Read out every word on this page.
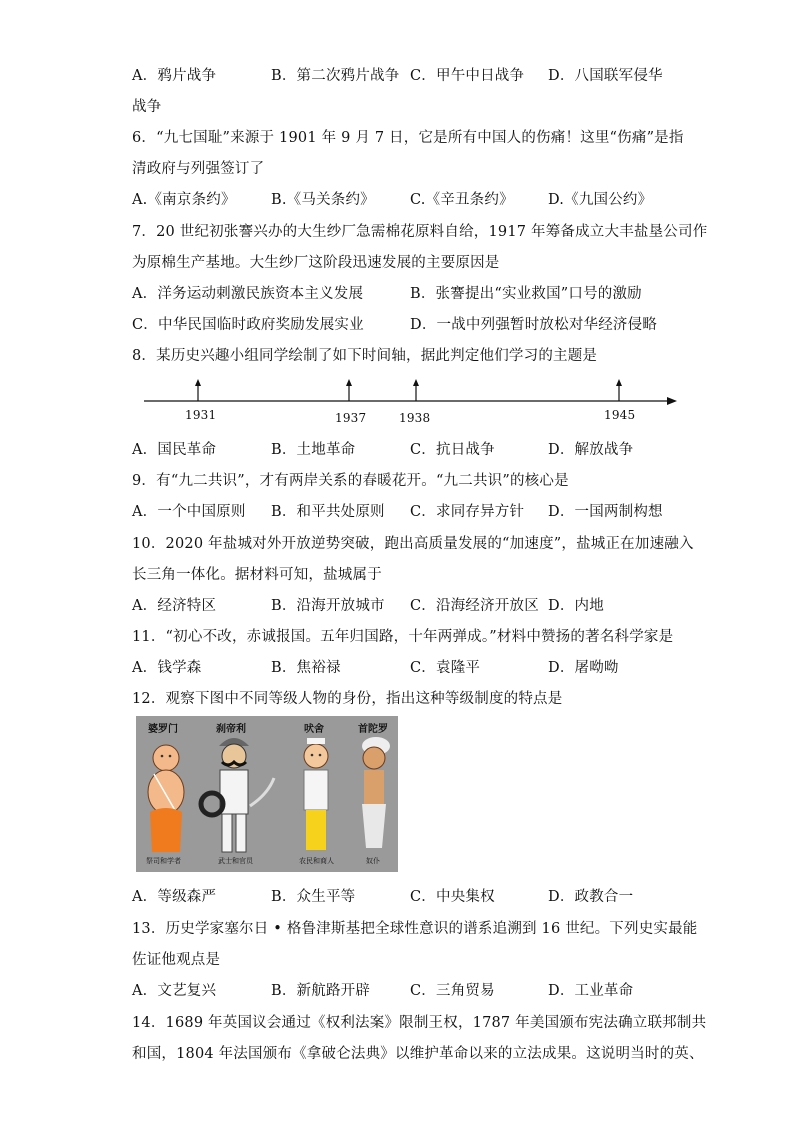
A．鸦片战争	B．第二次鸦片战争 C．甲午中日战争 D．八国联军侵华
战争
6．“九七国耻”来源于 1901 年 9 月 7 日，它是所有中国人的伤痛！这里“伤痛”是指
清政府与列强签订了
A.《南京条约》 B.《马关条约》 C.《辛丑条约》 D.《九国公约》
7．20 世纪初张謇兴办的大生纱厂急需棉花原料自给，1917 年筹备成立大丰盐垦公司作
为原棉生产基地。大生纱厂这阶段迅速发展的主要原因是
A．洋务运动刺激民族资本主义发展	B．张謇提出“实业救国”口号的激励
C．中华民国临时政府奖励发展实业	D．一战中列强暂时放松对华经济侵略
8．某历史兴趣小组同学绘制了如下时间轴，据此判定他们学习的主题是
1931	1937	1938	1945
A．国民革命	B．土地革命	C．抗日战争	D．解放战争
9．有“九二共识”，才有两岸关系的春暖花开。“九二共识”的核心是
A．一个中国原则 B．和平共处原则 C．求同存异方针 D．一国两制构想
10．2020 年盐城对外开放逆势突破，跑出高质量发展的“加速度”，盐城正在加速融入
长三角一体化。据材料可知，盐城属于
A．经济特区	B．沿海开放城市 C．沿海经济开放区 D．内地
11．“初心不改，赤诚报国。五年归国路，十年两弹成。”材料中赞扬的著名科学家是
A．钱学森	B．焦裕禄	C．袁隆平	D．屠呦呦
12．观察下图中不同等级人物的身份，指出这种等级制度的特点是
婆罗门	刹帝利	吠舍	首陀罗
祭司和学者	武士和官员	农民和商人	奴仆
A．等级森严	B．众生平等	C．中央集权	D．政教合一
13．历史学家塞尔日 • 格鲁津斯基把全球性意识的谱系追溯到 16 世纪。下列史实最能
佐证他观点是
A．文艺复兴	B．新航路开辟	C．三角贸易	D．工业革命
14．1689 年英国议会通过《权利法案》限制王权，1787 年美国颁布宪法确立联邦制共
和国，1804 年法国颁布《拿破仑法典》以维护革命以来的立法成果。这说明当时的英、
